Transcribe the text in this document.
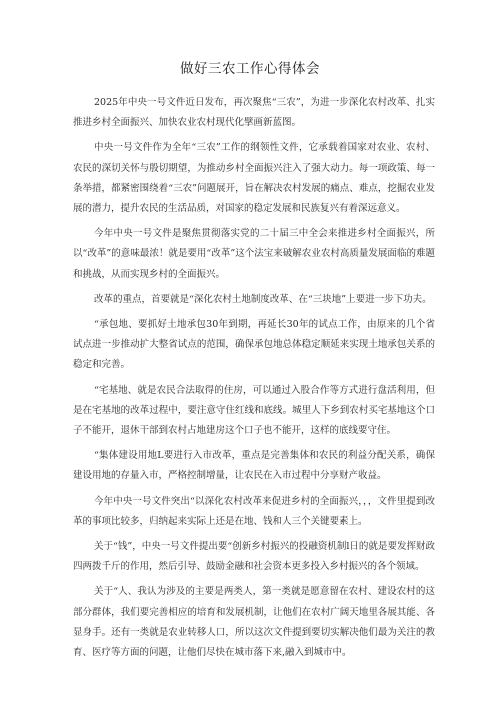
做好三农工作心得体会

2025年中央一号文件近日发布，再次聚焦“三农”，为进一步深化农村改革、扎实推进乡村全面振兴、加快农业农村现代化擘画新蓝图。

中央一号文件作为全年“三农”工作的纲领性文件，它承载着国家对农业、农村、农民的深切关怀与殷切期望，为推动乡村全面振兴注入了强大动力。每一项政策、每一条举措，都紧密围绕着“三农”问题展开，旨在解决农村发展的痛点、难点，挖掘农业发展的潜力，提升农民的生活品质，对国家的稳定发展和民族复兴有着深远意义。

今年中央一号文件是聚焦贯彻落实党的二十届三中全会来推进乡村全面振兴，所以“改革”的意味最浓！就是要用“改革”这个法宝来破解农业农村高质量发展面临的难题和挑战，从而实现乡村的全面振兴。

改革的重点，首要就是“深化农村土地制度改革、在“三块地”上要进一步下功夫。

“承包地、要抓好土地承包30年到期，再延长30年的试点工作，由原来的几个省试点进一步推动扩大整省试点的范围，确保承包地总体稳定顺延来实现土地承包关系的稳定和完善。

“宅基地、就是农民合法取得的住房，可以通过入股合作等方式进行盘活利用，但是在宅基地的改革过程中，要注意守住红线和底线。城里人下乡到农村买宅基地这个口子不能开，退休干部到农村占地建房这个口子也不能开，这样的底线要守住。

“集体建设用地L要进行入市改革，重点是完善集体和农民的利益分配关系，确保建设用地的存量入市，严格控制增量，让农民在入市过程中分享财产收益。

今年中央一号文件突出“以深化农村改革来促进乡村的全面振兴，，，文件里提到改革的事项比较多，归纳起来实际上还是在地、钱和人三个关键要素上。

关于“钱”，中央一号文件提出要“创新乡村振兴的投融资机制l日的就是要发挥财政四两拨千斤的作用，然后引导、鼓励金融和社会资本更多投入乡村振兴的各个领域。

关于“人、我认为涉及的主要是两类人，第一类就是愿意留在农村、建设农村的这部分群体，我们要完善相应的培育和发展机制，让他们在农村广阔天地里各展其能、各显身手。还有一类就是农业转移人口，所以这次文件提到要切实解决他们最为关注的教育、医疗等方面的问题，让他们尽快在城市落下来,融入到城市中。
